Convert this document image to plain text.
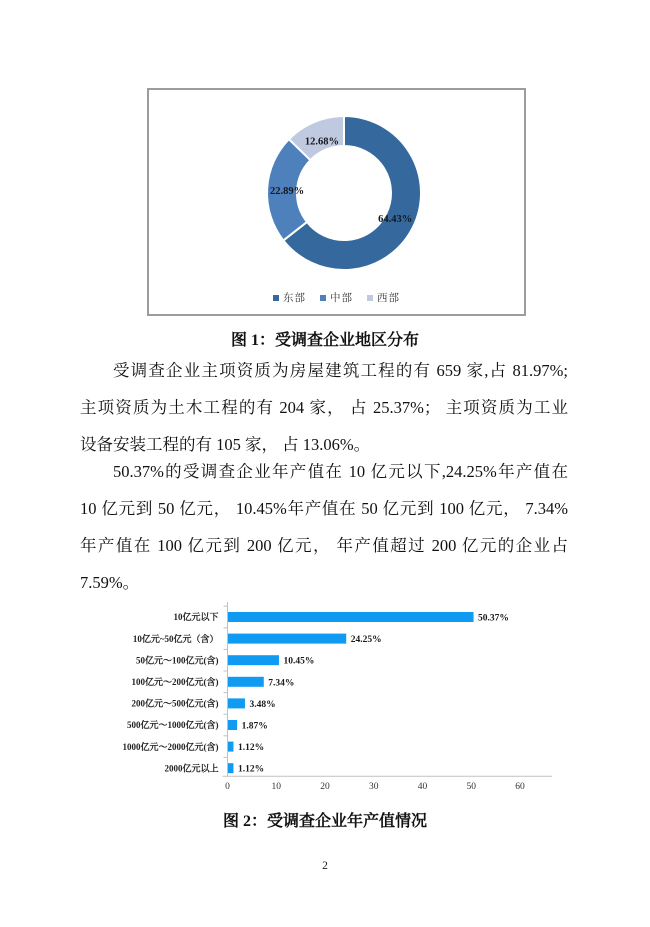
64.43%
22.89%
12.68%
东部 中部 西部
图 1：受调查企业地区分布

受调查企业主项资质为房屋建筑工程的有 659 家,占 81.97%;
主项资质为土木工程的有 204 家， 占 25.37%； 主项资质为工业
设备安装工程的有 105 家， 占 13.06%。

50.37%的受调查企业年产值在 10 亿元以下,24.25%年产值在
10 亿元到 50 亿元， 10.45%年产值在 50 亿元到 100 亿元， 7.34%
年产值在 100 亿元到 200 亿元， 年产值超过 200 亿元的企业占
7.59%。

50.37%
10亿元以下
24.25%
10亿元~50亿元（含）
10.45%
50亿元～100亿元(含)
7.34%
100亿元～200亿元(含)
3.48%
200亿元～500亿元(含)
1.87%
500亿元～1000亿元(含)
1.12%
1000亿元～2000亿元(含)
1.12%
2000亿元以上
0	10	20	30	40	50	60
图 2：受调查企业年产值情况
2
